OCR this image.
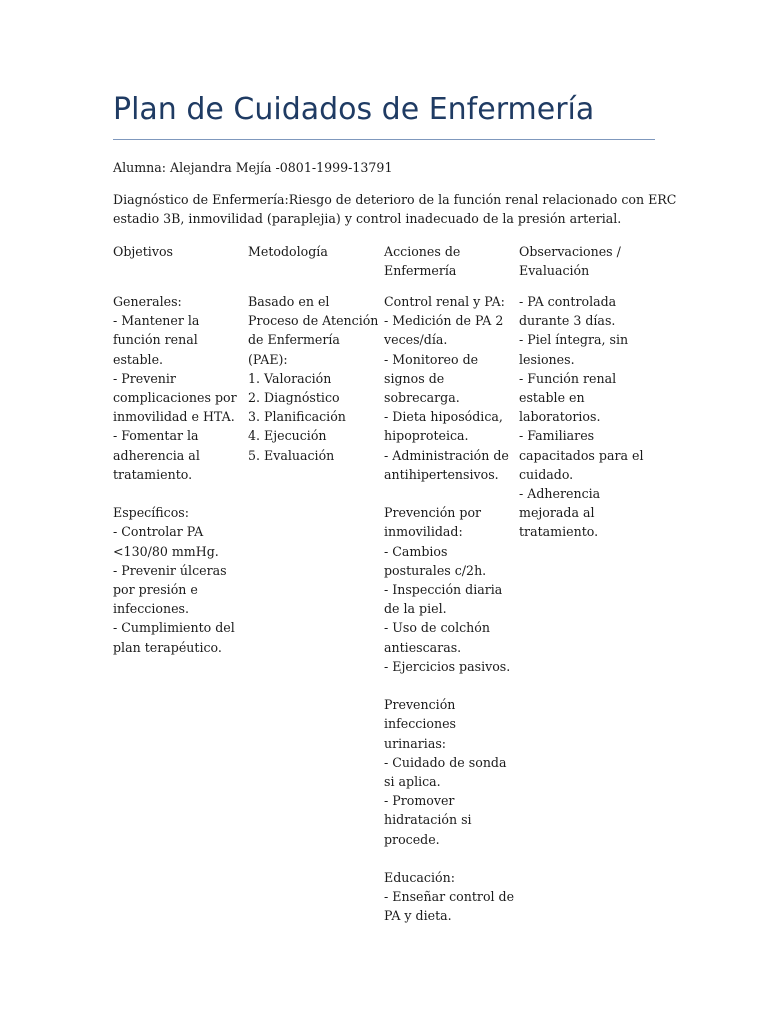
Plan de Cuidados de Enfermería

Alumna: Alejandra Mejía -0801-1999-13791

Diagnóstico de Enfermería:Riesgo de deterioro de la función renal relacionado con ERC
estadio 3B, inmovilidad (paraplejia) y control inadecuado de la presión arterial.

Objetivos
Generales:
- Mantener la
función renal
estable.
- Prevenir
complicaciones por
inmovilidad e HTA.
- Fomentar la
adherencia al
tratamiento.
Específicos:
- Controlar PA
<130/80 mmHg.
- Prevenir úlceras
por presión e
infecciones.
- Cumplimiento del
plan terapéutico.
Metodología
Basado en el
Proceso de Atención
de Enfermería
(PAE):
1. Valoración
2. Diagnóstico
3. Planificación
4. Ejecución
5. Evaluación
Acciones de
Enfermería
Control renal y PA:
- Medición de PA 2
veces/día.
- Monitoreo de
signos de
sobrecarga.
- Dieta hiposódica,
hipoproteica.
- Administración de
antihipertensivos.
Prevención por
inmovilidad:
- Cambios
posturales c/2h.
- Inspección diaria
de la piel.
- Uso de colchón
antiescaras.
- Ejercicios pasivos.
Prevención
infecciones
urinarias:
- Cuidado de sonda
si aplica.
- Promover
hidratación si
procede.
Educación:
- Enseñar control de
PA y dieta.
Observaciones /
Evaluación
- PA controlada
durante 3 días.
- Piel íntegra, sin
lesiones.
- Función renal
estable en
laboratorios.
- Familiares
capacitados para el
cuidado.
- Adherencia
mejorada al
tratamiento.
